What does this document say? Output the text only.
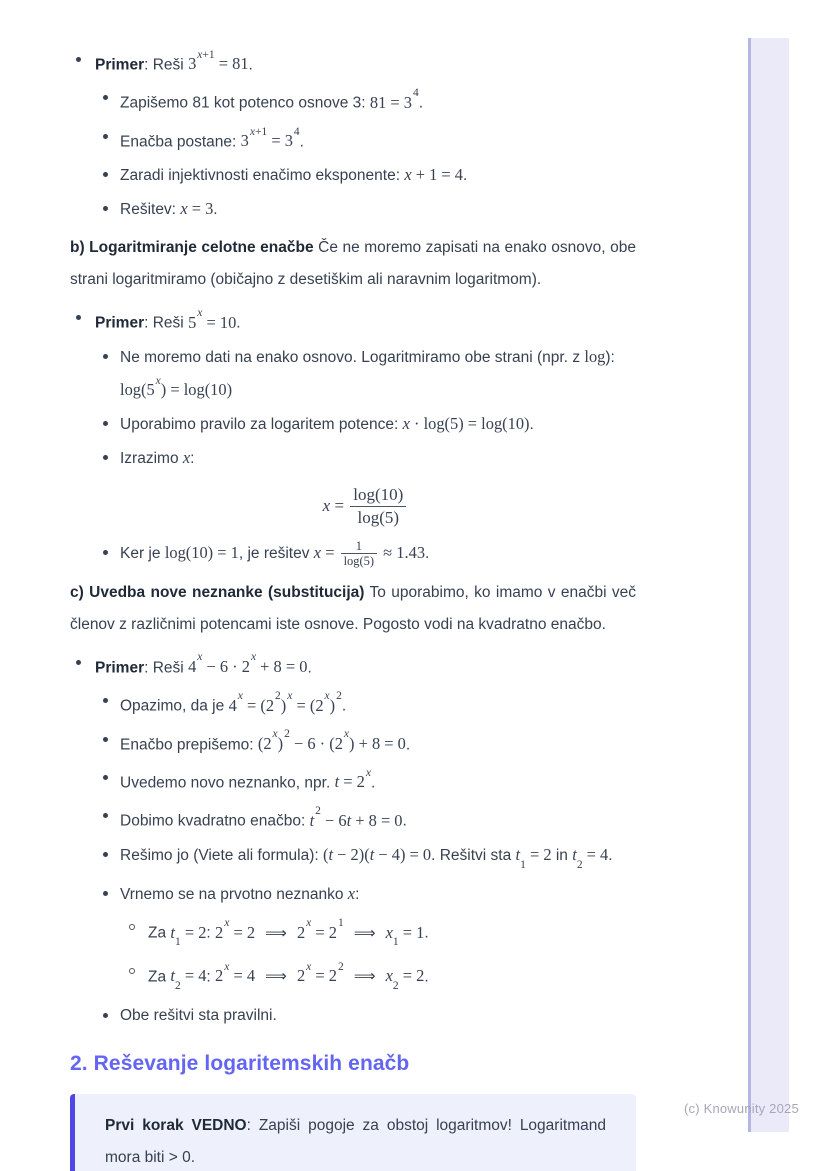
Primer: Reši $3^{x+1} = 81$.
Zapišemo 81 kot potenco osnove 3: $81 = 3^4$.
Enačba postane: $3^{x+1} = 3^4$.
Zaradi injektivnosti enačimo eksponente: x + 1 = 4.
Rešitev: x = 3.

b) Logaritmiranje celotne enačbe Če ne moremo zapisati na enako osnovo, obe strani logaritmiramo (običajno z desetiškim ali naravnim logaritmom).

Primer: Reši $5^x = 10$.
Ne moremo dati na enako osnovo. Logaritmiramo obe strani (npr. z log):
$\log(5^x) = \log(10)$
Uporabimo pravilo za logaritem potence: x · log(5) = log(10).
Izrazimo x:
$x = \frac{\log(10)}{\log(5)}$
Ker je log(10) = 1, je rešitev $x = \frac{1}{\log(5)} \approx 1.43$.

c) Uvedba nove neznanke (substitucija) To uporabimo, ko imamo v enačbi več členov z različnimi potencami iste osnove. Pogosto vodi na kvadratno enačbo.

Primer: Reši $4^x - 6 \cdot 2^x + 8 = 0$.
Opazimo, da je $4^x = (2^2)^x = (2^x)^2$.
Enačbo prepišemo: $(2^x)^2 - 6 \cdot (2^x) + 8 = 0$.
Uvedemo novo neznanko, npr. $t = 2^x$.
Dobimo kvadratno enačbo: $t^2 - 6t + 8 = 0$.
Rešimo jo (Viete ali formula): (t − 2)(t − 4) = 0. Rešitvi sta $t_1 = 2$ in $t_2 = 4$.
Vrnemo se na prvotno neznanko x:
Za $t_1 = 2$: $2^x = 2$ ⟹ $2^x = 2^1$ ⟹ $x_1 = 1$.
Za $t_2 = 4$: $2^x = 4$ ⟹ $2^x = 2^2$ ⟹ $x_2 = 2$.
Obe rešitvi sta pravilni.
2. Reševanje logaritemskih enačb
Prvi korak VEDNO: Zapiši pogoje za obstoj logaritmov! Logaritmand mora biti > 0.
(c) Knowunity 2025
